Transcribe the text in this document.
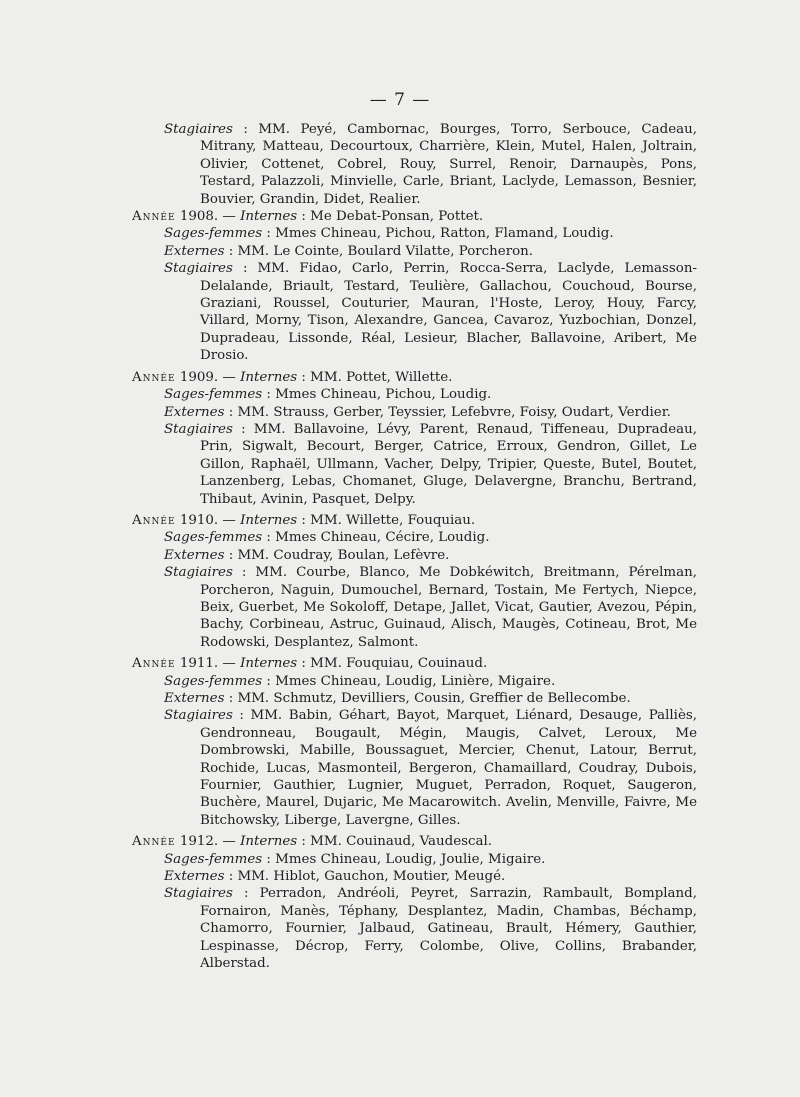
— 7 —

Stagiaires : MM. Peyé, Cambornac, Bourges, Torro, Serbouce, Cadeau, Mitrany, Matteau, Decourtoux, Charrière, Klein, Mutel, Halen, Joltrain, Olivier, Cottenet, Cobrel, Rouy, Surrel, Renoir, Darnaupès, Pons, Testard, Palazzoli, Minvielle, Carle, Briant, Laclyde, Lemasson, Besnier, Bouvier, Grandin, Didet, Realier.

Année 1908. — Internes : Me Debat-Ponsan, Pottet.

Sages-femmes : Mmes Chineau, Pichou, Ratton, Flamand, Loudig.

Externes : MM. Le Cointe, Boulard Vilatte, Porcheron.

Stagiaires : MM. Fidao, Carlo, Perrin, Rocca-Serra, Laclyde, Lemasson-Delalande, Briault, Testard, Teulière, Gallachou, Couchoud, Bourse, Graziani, Roussel, Couturier, Mauran, l'Hoste, Leroy, Houy, Farcy, Villard, Morny, Tison, Alexandre, Gancea, Cavaroz, Yuzbochian, Donzel, Dupradeau, Lissonde, Réal, Lesieur, Blacher, Ballavoine, Aribert, Me Drosio.

Année 1909. — Internes : MM. Pottet, Willette.

Sages-femmes : Mmes Chineau, Pichou, Loudig.

Externes : MM. Strauss, Gerber, Teyssier, Lefebvre, Foisy, Oudart, Verdier.

Stagiaires : MM. Ballavoine, Lévy, Parent, Renaud, Tiffeneau, Dupradeau, Prin, Sigwalt, Becourt, Berger, Catrice, Erroux, Gendron, Gillet, Le Gillon, Raphaël, Ullmann, Vacher, Delpy, Tripier, Queste, Butel, Boutet, Lanzenberg, Lebas, Chomanet, Gluge, Delavergne, Branchu, Bertrand, Thibaut, Avinin, Pasquet, Delpy.

Année 1910. — Internes : MM. Willette, Fouquiau.

Sages-femmes : Mmes Chineau, Cécire, Loudig.

Externes : MM. Coudray, Boulan, Lefèvre.

Stagiaires : MM. Courbe, Blanco, Me Dobkéwitch, Breitmann, Pérelman, Porcheron, Naguin, Dumouchel, Bernard, Tostain, Me Fertych, Niepce, Beix, Guerbet, Me Sokoloff, Detape, Jallet, Vicat, Gautier, Avezou, Pépin, Bachy, Corbineau, Astruc, Guinaud, Alisch, Maugès, Cotineau, Brot, Me Rodowski, Desplantez, Salmont.

Année 1911. — Internes : MM. Fouquiau, Couinaud.

Sages-femmes : Mmes Chineau, Loudig, Linière, Migaire.

Externes : MM. Schmutz, Devilliers, Cousin, Greffier de Bellecombe.

Stagiaires : MM. Babin, Géhart, Bayot, Marquet, Liénard, Desauge, Palliès, Gendronneau, Bougault, Mégin, Maugis, Calvet, Leroux, Me Dombrowski, Mabille, Boussaguet, Mercier, Chenut, Latour, Berrut, Rochide, Lucas, Masmonteil, Bergeron, Chamaillard, Coudray, Dubois, Fournier, Gauthier, Lugnier, Muguet, Perradon, Roquet, Saugeron, Buchère, Maurel, Dujaric, Me Macarowitch. Avelin, Menville, Faivre, Me Bitchowsky, Liberge, Lavergne, Gilles.

Année 1912. — Internes : MM. Couinaud, Vaudescal.

Sages-femmes : Mmes Chineau, Loudig, Joulie, Migaire.

Externes : MM. Hiblot, Gauchon, Moutier, Meugé.

Stagiaires : Perradon, Andréoli, Peyret, Sarrazin, Rambault, Bompland, Fornairon, Manès, Téphany, Desplantez, Madin, Chambas, Béchamp, Chamorro, Fournier, Jalbaud, Gatineau, Brault, Hémery, Gauthier, Lespinasse, Décrop, Ferry, Colombe, Olive, Collins, Brabander, Alberstad.
